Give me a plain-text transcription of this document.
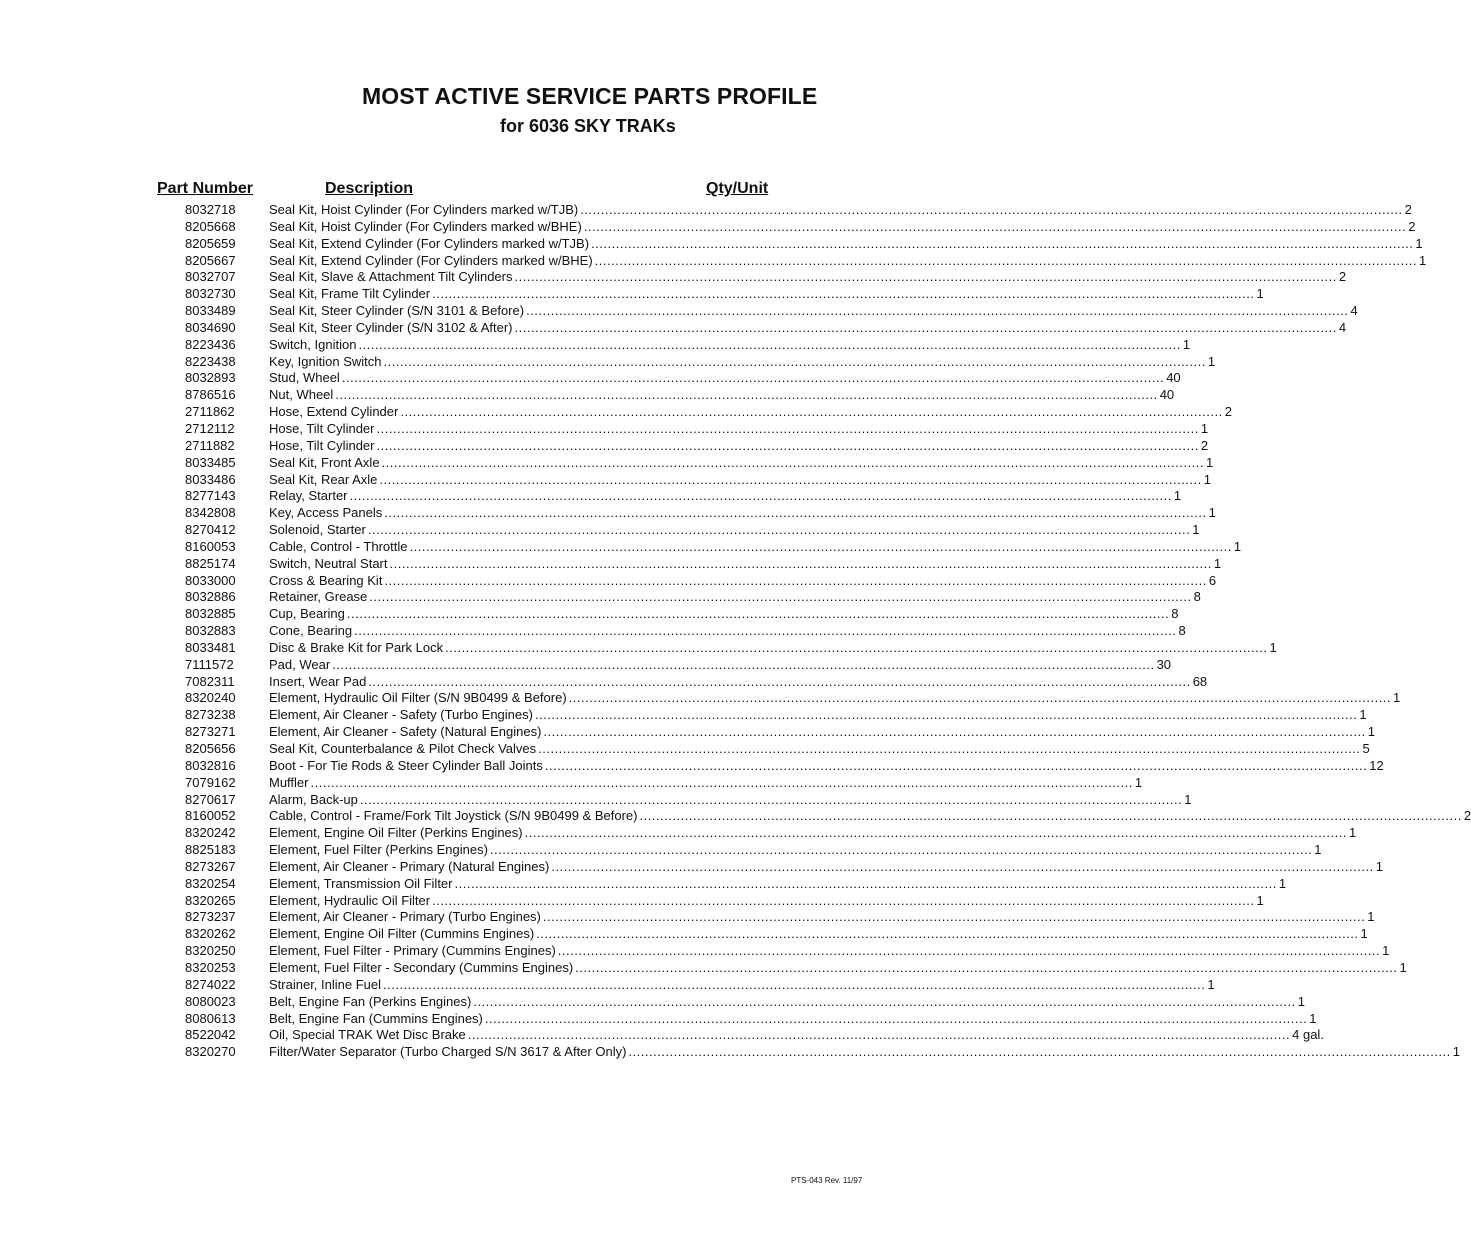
MOST ACTIVE SERVICE PARTS PROFILE
for 6036 SKY TRAKs
Part Number	Description	Qty/Unit
8032718	Seal Kit, Hoist Cylinder (For Cylinders marked w/TJB) ........................................................................................................................................................................................................ 2
8205668	Seal Kit, Hoist Cylinder (For Cylinders marked w/BHE) ........................................................................................................................................................................................................ 2
8205659	Seal Kit, Extend Cylinder (For Cylinders marked w/TJB) ........................................................................................................................................................................................................ 1
8205667	Seal Kit, Extend Cylinder (For Cylinders marked w/BHE) ........................................................................................................................................................................................................ 1
8032707	Seal Kit, Slave & Attachment Tilt Cylinders ........................................................................................................................................................................................................ 2
8032730	Seal Kit, Frame Tilt Cylinder ........................................................................................................................................................................................................ 1
8033489	Seal Kit, Steer Cylinder (S/N 3101 & Before) ........................................................................................................................................................................................................ 4
8034690	Seal Kit, Steer Cylinder (S/N 3102 & After) ........................................................................................................................................................................................................ 4
8223436	Switch, Ignition ........................................................................................................................................................................................................ 1
8223438	Key, Ignition Switch ........................................................................................................................................................................................................ 1
8032893	Stud, Wheel ........................................................................................................................................................................................................ 40
8786516	Nut, Wheel ........................................................................................................................................................................................................ 40
2711862	Hose, Extend Cylinder ........................................................................................................................................................................................................ 2
2712112	Hose, Tilt Cylinder ........................................................................................................................................................................................................ 1
2711882	Hose, Tilt Cylinder ........................................................................................................................................................................................................ 2
8033485	Seal Kit, Front Axle ........................................................................................................................................................................................................ 1
8033486	Seal Kit, Rear Axle ........................................................................................................................................................................................................ 1
8277143	Relay, Starter ........................................................................................................................................................................................................ 1
8342808	Key, Access Panels ........................................................................................................................................................................................................ 1
8270412	Solenoid, Starter ........................................................................................................................................................................................................ 1
8160053	Cable, Control - Throttle ........................................................................................................................................................................................................ 1
8825174	Switch, Neutral Start ........................................................................................................................................................................................................ 1
8033000	Cross & Bearing Kit ........................................................................................................................................................................................................ 6
8032886	Retainer, Grease ........................................................................................................................................................................................................ 8
8032885	Cup, Bearing ........................................................................................................................................................................................................ 8
8032883	Cone, Bearing ........................................................................................................................................................................................................ 8
8033481	Disc & Brake Kit for Park Lock ........................................................................................................................................................................................................ 1
7111572	Pad, Wear ........................................................................................................................................................................................................ 30
7082311	Insert, Wear Pad ........................................................................................................................................................................................................ 68
8320240	Element, Hydraulic Oil Filter (S/N 9B0499 & Before) ........................................................................................................................................................................................................ 1
8273238	Element, Air Cleaner - Safety (Turbo Engines) ........................................................................................................................................................................................................ 1
8273271	Element, Air Cleaner - Safety (Natural Engines) ........................................................................................................................................................................................................ 1
8205656	Seal Kit, Counterbalance & Pilot Check Valves ........................................................................................................................................................................................................ 5
8032816	Boot - For Tie Rods & Steer Cylinder Ball Joints ........................................................................................................................................................................................................ 12
7079162	Muffler ........................................................................................................................................................................................................ 1
8270617	Alarm, Back-up ........................................................................................................................................................................................................ 1
8160052	Cable, Control - Frame/Fork Tilt Joystick (S/N 9B0499 & Before) ........................................................................................................................................................................................................ 2
8320242	Element, Engine Oil Filter (Perkins Engines) ........................................................................................................................................................................................................ 1
8825183	Element, Fuel Filter (Perkins Engines) ........................................................................................................................................................................................................ 1
8273267	Element, Air Cleaner - Primary (Natural Engines) ........................................................................................................................................................................................................ 1
8320254	Element, Transmission Oil Filter ........................................................................................................................................................................................................ 1
8320265	Element, Hydraulic Oil Filter ........................................................................................................................................................................................................ 1
8273237	Element, Air Cleaner - Primary (Turbo Engines) ........................................................................................................................................................................................................ 1
8320262	Element, Engine Oil Filter (Cummins Engines) ........................................................................................................................................................................................................ 1
8320250	Element, Fuel Filter - Primary (Cummins Engines) ........................................................................................................................................................................................................ 1
8320253	Element, Fuel Filter - Secondary (Cummins Engines) ........................................................................................................................................................................................................ 1
8274022	Strainer, Inline Fuel ........................................................................................................................................................................................................ 1
8080023	Belt, Engine Fan (Perkins Engines) ........................................................................................................................................................................................................ 1
8080613	Belt, Engine Fan (Cummins Engines) ........................................................................................................................................................................................................ 1
8522042	Oil, Special TRAK Wet Disc Brake ........................................................................................................................................................................................................ 4 gal.
8320270	Filter/Water Separator (Turbo Charged S/N 3617 & After Only) ........................................................................................................................................................................................................ 1
PTS-043 Rev. 11/97
